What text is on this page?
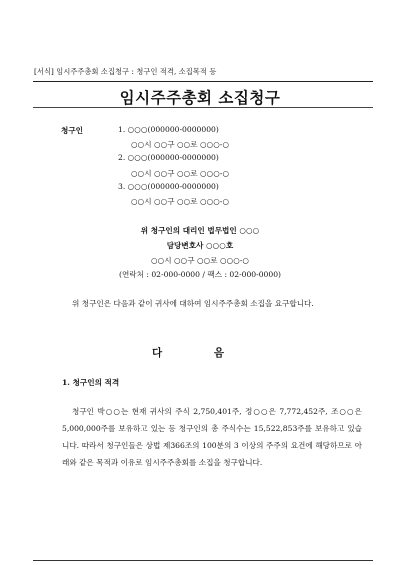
[서식] 임시주주총회 소집청구 : 청구인 적격, 소집목적 등
임시주주총회 소집청구
청구인	1. ○○○(000000-0000000)
○○시 ○○구 ○○로 ○○○-○
2. ○○○(000000-0000000)
○○시 ○○구 ○○로 ○○○-○
3. ○○○(000000-0000000)
○○시 ○○구 ○○로 ○○○-○
위 청구인의 대리인 법무법인 ○○○
담당변호사 ○○○호
○○시 ○○구 ○○로 ○○○-○
(연락처 : 02-000-0000 / 팩스 : 02-000-0000)
위 청구인은 다음과 같이 귀사에 대하여 임시주주총회 소집을 요구합니다.
다 음
1. 청구인의 적격
청구인 박○○는 현재 귀사의 주식 2,750,401주, 정○○은 7,772,452주, 조○○은 5,000,000주를 보유하고 있는 등 청구인의 총 주식수는 15,522,853주를 보유하고 있습니다. 따라서 청구인들은 상법 제366조의 100분의 3 이상의 주주의 요건에 해당하므로 아래와 같은 목적과 이유로 임시주주총회를 소집을 청구합니다.
